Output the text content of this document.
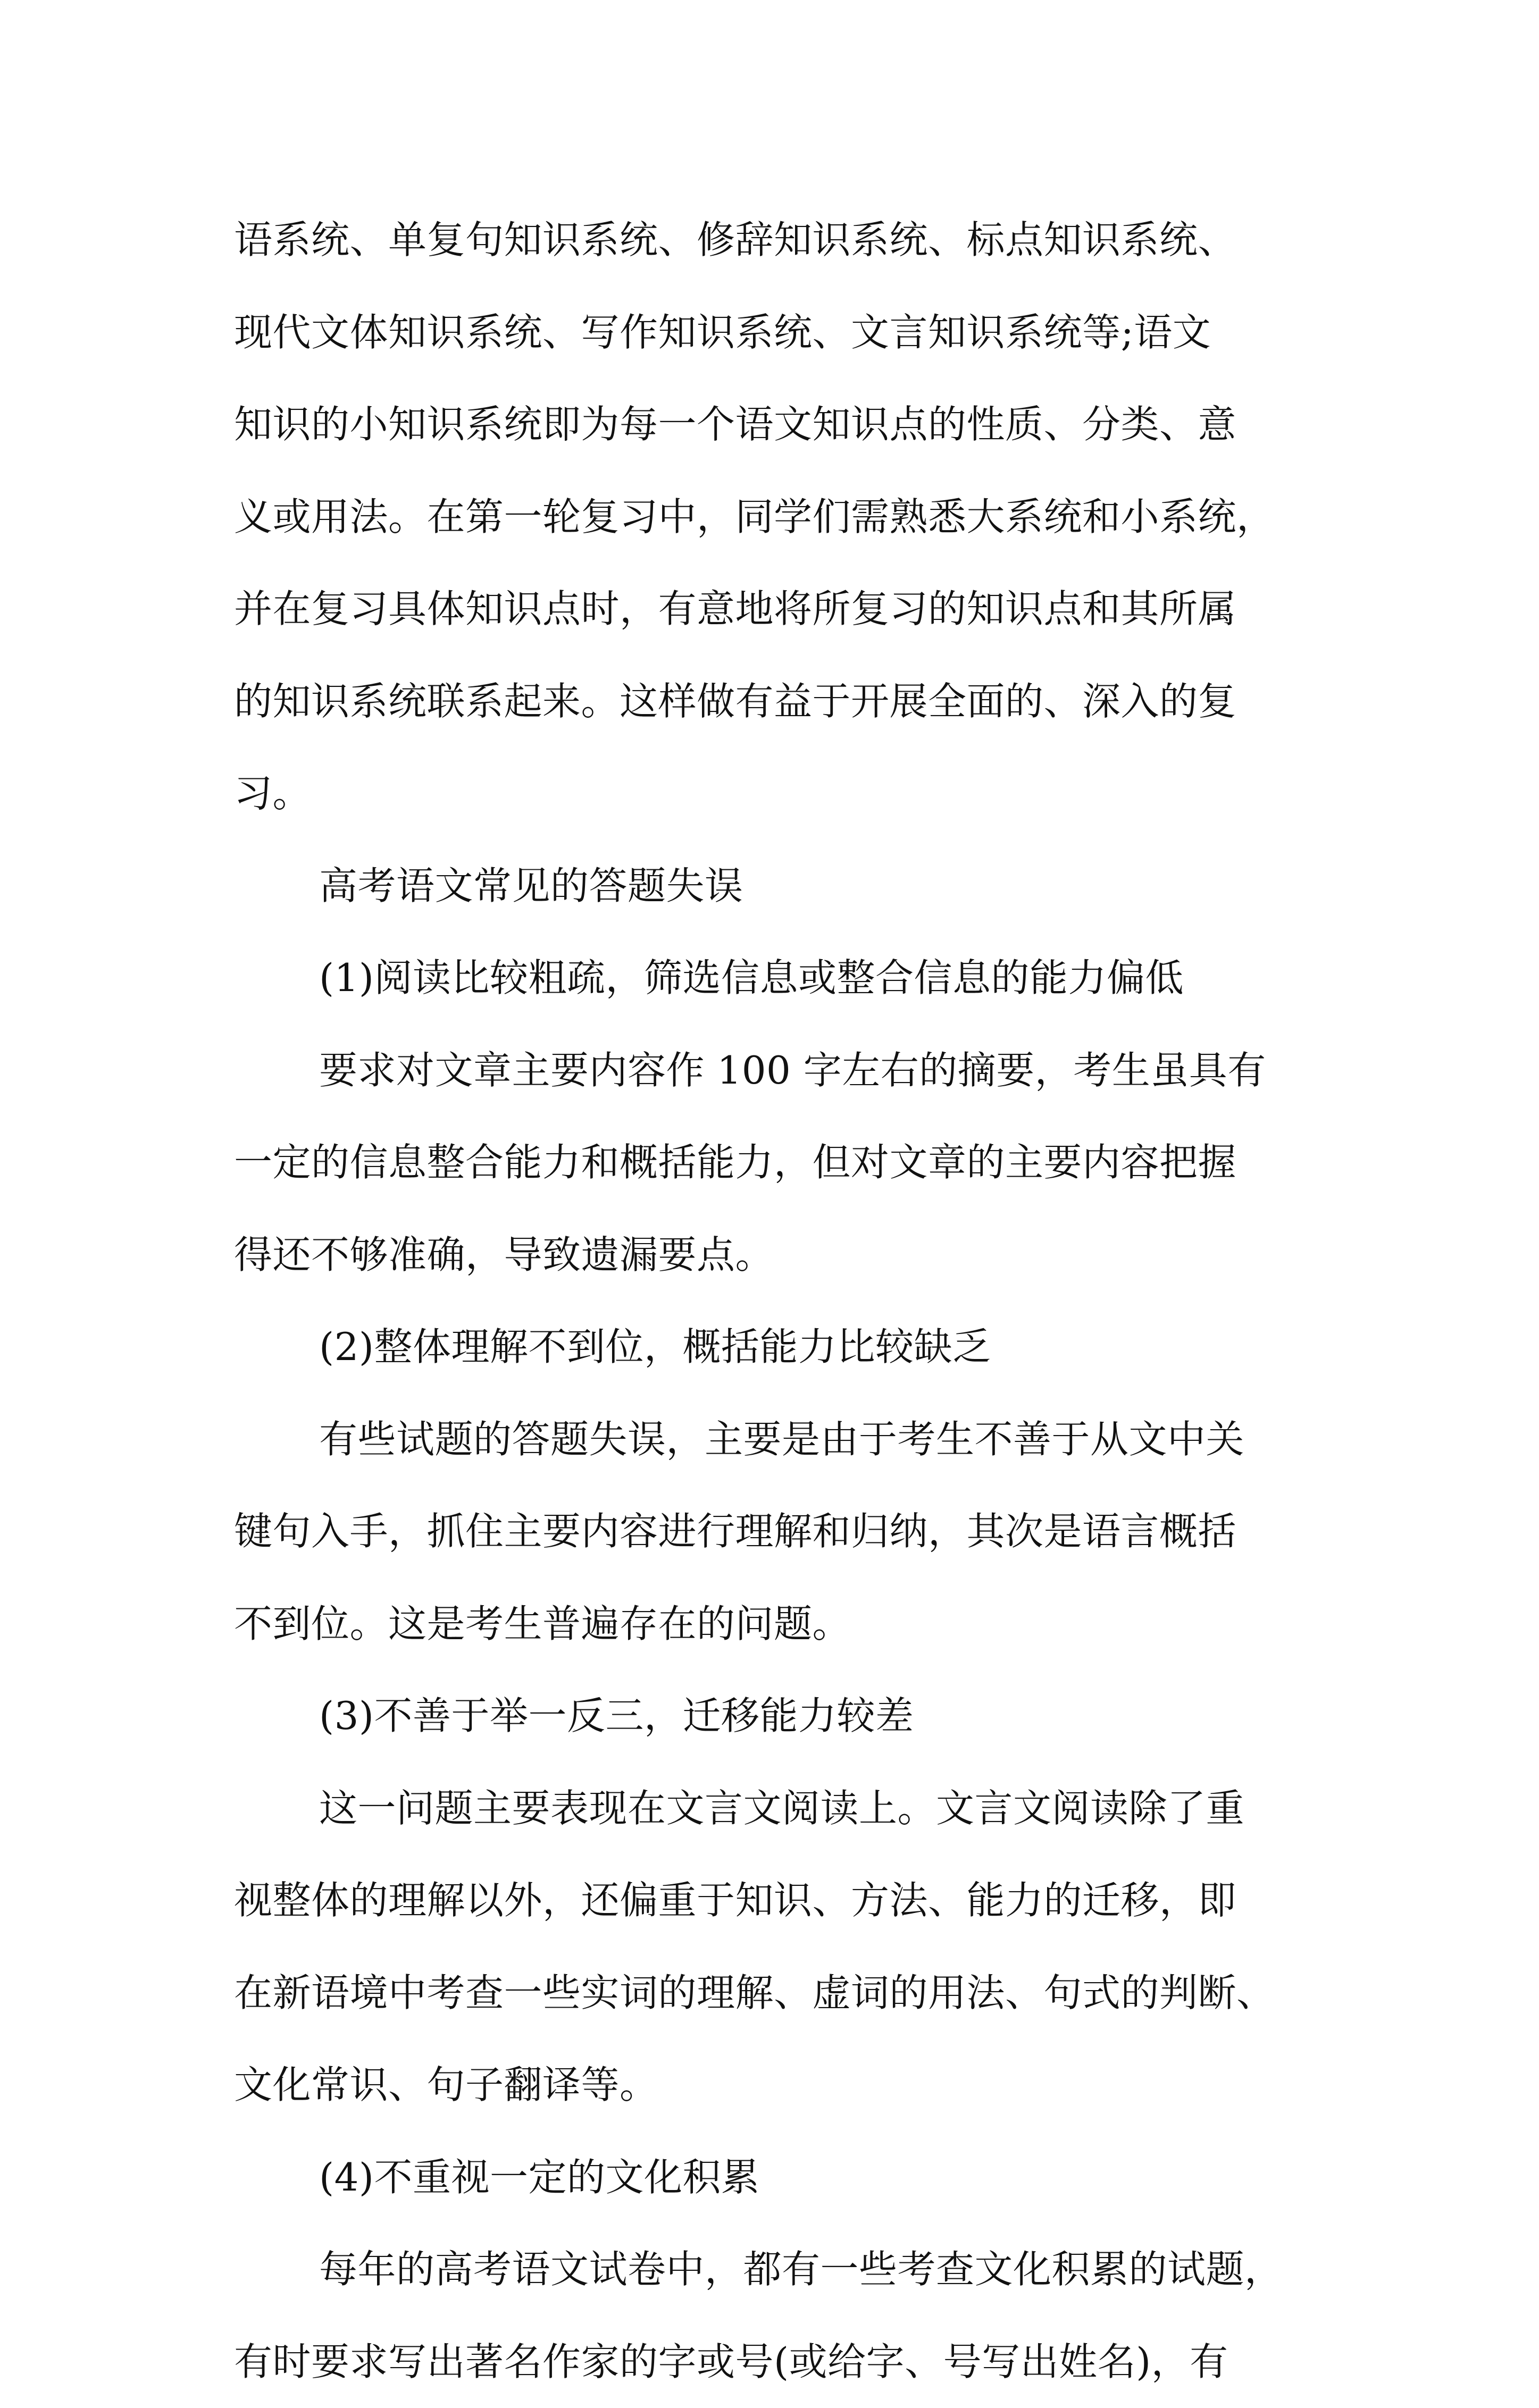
语系统、单复句知识系统、修辞知识系统、标点知识系统、
现代文体知识系统、写作知识系统、文言知识系统等;语文
知识的小知识系统即为每一个语文知识点的性质、分类、意
义或用法。在第一轮复习中，同学们需熟悉大系统和小系统，
并在复习具体知识点时，有意地将所复习的知识点和其所属
的知识系统联系起来。这样做有益于开展全面的、深入的复
习。
高考语文常见的答题失误
(1)阅读比较粗疏，筛选信息或整合信息的能力偏低
要求对文章主要内容作 100 字左右的摘要，考生虽具有
一定的信息整合能力和概括能力，但对文章的主要内容把握
得还不够准确，导致遗漏要点。
(2)整体理解不到位，概括能力比较缺乏
有些试题的答题失误，主要是由于考生不善于从文中关
键句入手，抓住主要内容进行理解和归纳，其次是语言概括
不到位。这是考生普遍存在的问题。
(3)不善于举一反三，迁移能力较差
这一问题主要表现在文言文阅读上。文言文阅读除了重
视整体的理解以外，还偏重于知识、方法、能力的迁移，即
在新语境中考查一些实词的理解、虚词的用法、句式的判断、
文化常识、句子翻译等。
(4)不重视一定的文化积累
每年的高考语文试卷中，都有一些考查文化积累的试题，
有时要求写出著名作家的字或号(或给字、号写出姓名)，有
